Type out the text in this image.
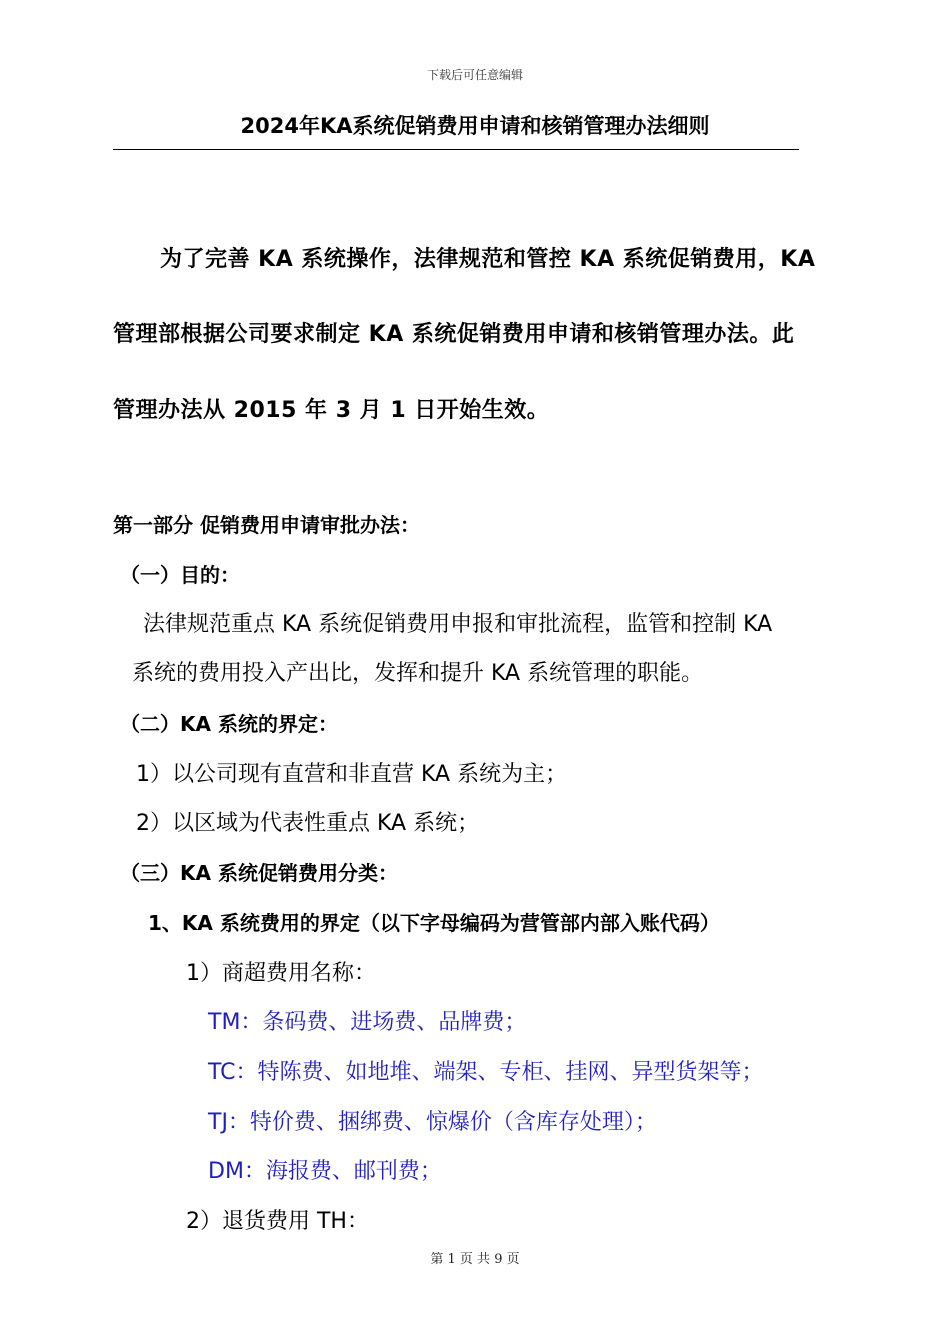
下载后可任意编辑
2024年KA系统促销费用申请和核销管理办法细则
为了完善 KA 系统操作，法律规范和管控 KA 系统促销费用，KA
管理部根据公司要求制定 KA 系统促销费用申请和核销管理办法。此
管理办法从 2015 年 3 月 1 日开始生效。
第一部分 促销费用申请审批办法：
（一）目的：
法律规范重点 KA 系统促销费用申报和审批流程，监管和控制 KA
系统的费用投入产出比，发挥和提升 KA 系统管理的职能。
（二）KA 系统的界定：
1）以公司现有直营和非直营 KA 系统为主；
2）以区域为代表性重点 KA 系统；
（三）KA 系统促销费用分类：
1、KA 系统费用的界定（以下字母编码为营管部内部入账代码）
1）商超费用名称：
TM：条码费、进场费、品牌费；
TC：特陈费、如地堆、端架、专柜、挂网、异型货架等；
TJ：特价费、捆绑费、惊爆价（含库存处理）；
DM：海报费、邮刊费；
2）退货费用 TH：
第 1 页 共 9 页
